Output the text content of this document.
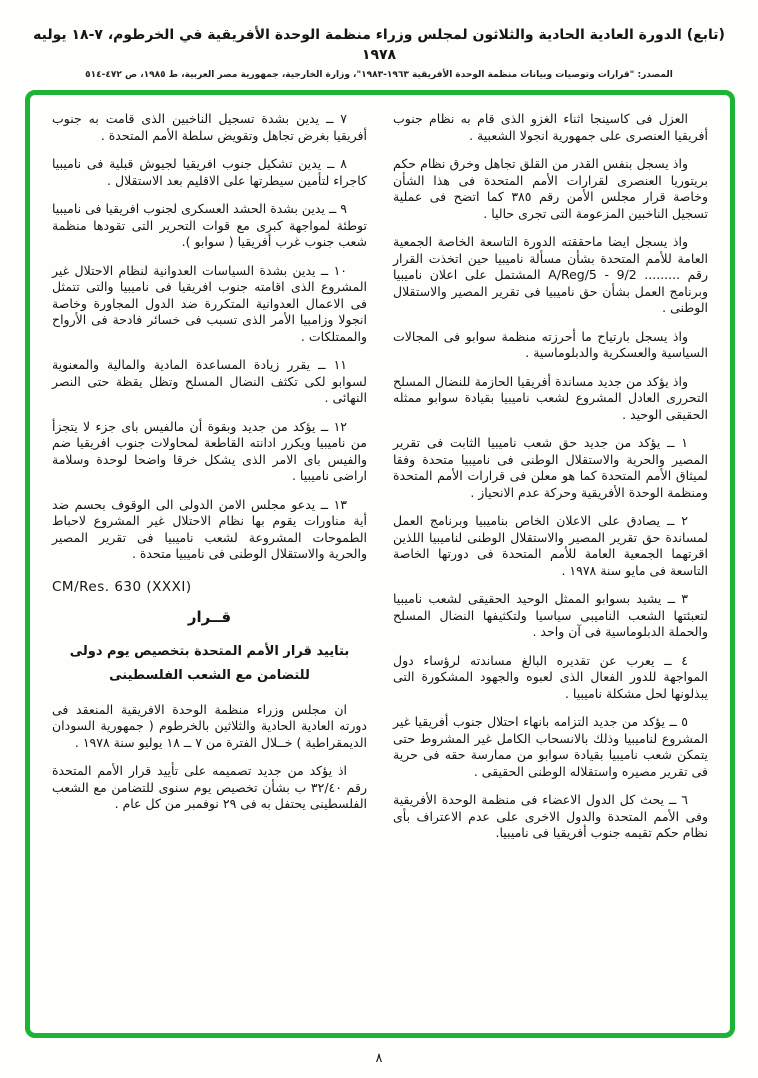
(تابع) الدورة العادية الحادية والثلاثون لمجلس وزراء منظمة الوحدة الأفريقية في الخرطوم، ٧-١٨ يوليه ١٩٧٨
المصدر: "قرارات وتوصيات وبيانات منظمة الوحدة الأفريقية ١٩٦٣-١٩٨٣"، وزارة الخارجية، جمهورية مصر العربية، ط ١٩٨٥، ص ٤٧٢-٥١٤

العزل فى كاسينجا اثناء الغزو الذى قام به نظام جنوب أفريقيا العنصرى على جمهورية انجولا الشعبية .

واذ يسجل بنفس القدر من القلق تجاهل وخرق نظام حكم بريتوريا العنصرى لقرارات الأمم المتحدة فى هذا الشأن وخاصة قرار مجلس الأمن رقم ٣٨٥ كما اتضح فى عملية تسجيل الناخبين المزعومة التى تجرى حاليا .

واذ يسجل ايضا ماحققته الدورة التاسعة الخاصة الجمعية العامة للأمم المتحدة بشأن مسألة ناميبيا حين اتخذت القرار رقم ......... A/Reg/5 - 9/2 المشتمل على اعلان ناميبيا وبرنامج العمل بشأن حق ناميبيا فى تقرير المصير والاستقلال الوطنى .

واذ يسجل بارتياح ما أحرزته منظمة سوابو فى المجالات السياسية والعسكرية والدبلوماسية .

واذ يؤكد من جديد مساندة أفريقيا الحازمة للنضال المسلح التحررى العادل المشروع لشعب ناميبيا بقيادة سوابو ممثله الحقيقى الوحيد .

١ ــ يؤكد من جديد حق شعب ناميبيا الثابت فى تقرير المصير والحرية والاستقلال الوطنى فى ناميبيا متحدة وفقا لميثاق الأمم المتحدة كما هو معلن فى قرارات الأمم المتحدة ومنظمة الوحدة الأفريقية وحركة عدم الانحياز .

٢ ــ يصادق على الاعلان الخاص بناميبيا وبرنامج العمل لمساندة حق تقرير المصير والاستقلال الوطنى لناميبيا اللذين اقرتهما الجمعية العامة للأمم المتحدة فى دورتها الخاصة التاسعة فى مايو سنة ١٩٧٨ .

٣ ــ يشيد بسوابو الممثل الوحيد الحقيقى لشعب ناميبيا لتعبئتها الشعب الناميبى سياسيا ولتكثيفها النضال المسلح والحملة الدبلوماسية فى آن واحد .

٤ ــ يعرب عن تقديره البالغ مساندته لرؤساء دول المواجهة للدور الفعال الذى لعبوه والجهود المشكورة التى يبذلونها لحل مشكلة ناميبيا .

٥ ــ يؤكد من جديد التزامه بانهاء احتلال جنوب أفريقيا غير المشروع لناميبيا وذلك بالانسحاب الكامل غير المشروط حتى يتمكن شعب ناميبيا بقيادة سوابو من ممارسة حقه فى حرية فى تقرير مصيره واستقلاله الوطنى الحقيقى .

٦ ــ يحث كل الدول الاعضاء فى منظمة الوحدة الأفريقية وفى الأمم المتحدة والدول الاخرى على عدم الاعتراف بأى نظام حكم تقيمه جنوب أفريقيا فى ناميبيا.

٧ ــ يدين بشدة تسجيل الناخبين الذى قامت به جنوب أفريقيا بغرض تجاهل وتقويض سلطة الأمم المتحدة .

٨ ــ يدين تشكيل جنوب افريقيا لجيوش قبلية فى ناميبيا كاجراء لتأمين سيطرتها على الاقليم بعد الاستقلال .

٩ ــ يدين بشدة الحشد العسكرى لجنوب افريقيا فى ناميبيا توطئة لمواجهة كبرى مع قوات التحرير التى تقودها منظمة شعب جنوب غرب أفريقيا ( سوابو ).

١٠ ــ يدين بشدة السياسات العدوانية لنظام الاحتلال غير المشروع الذى اقامته جنوب افريقيا فى ناميبيا والتى تتمثل فى الاعمال العدوانية المتكررة ضد الدول المجاورة وخاصة انجولا وزامبيا الأمر الذى تسبب فى خسائر فادحة فى الأرواح والممتلكات .

١١ ــ يقرر زيادة المساعدة المادية والمالية والمعنوية لسوابو لكى تكثف النضال المسلح وتظل يقظة حتى النصر النهائى .

١٢ ــ يؤكد من جديد وبقوة أن مالفيس باى جزء لا يتجزأ من ناميبيا ويكرر ادانته القاطعة لمحاولات جنوب افريقيا ضم والفيس باى الامر الذى يشكل خرقا واضحا لوحدة وسلامة اراضى ناميبيا .

١٣ ــ يدعو مجلس الامن الدولى الى الوقوف بحسم ضد أية مناورات يقوم بها نظام الاحتلال غير المشروع لاحباط الطموحات المشروعة لشعب ناميبيا فى تقرير المصير والحرية والاستقلال الوطنى فى ناميبيا متحدة .

CM/Res. 630 (XXXI)
قــرار
بتاييد قرار الأمم المتحدة بتخصيص يوم دولى
للتضامن مع الشعب الفلسطينى

ان مجلس وزراء منظمة الوحدة الافريقية المنعقد فى دورته العادية الحادية والثلاثين بالخرطوم ( جمهورية السودان الديمقراطية ) خــلال الفترة من ٧ ــ ١٨ يوليو سنة ١٩٧٨ .

اذ يؤكد من جديد تصميمه على تأييد قرار الأمم المتحدة رقم ٣٢/٤٠ ب بشأن تخصيص يوم سنوى للتضامن مع الشعب الفلسطينى يحتفل به فى ٢٩ نوفمبر من كل عام .

٨
